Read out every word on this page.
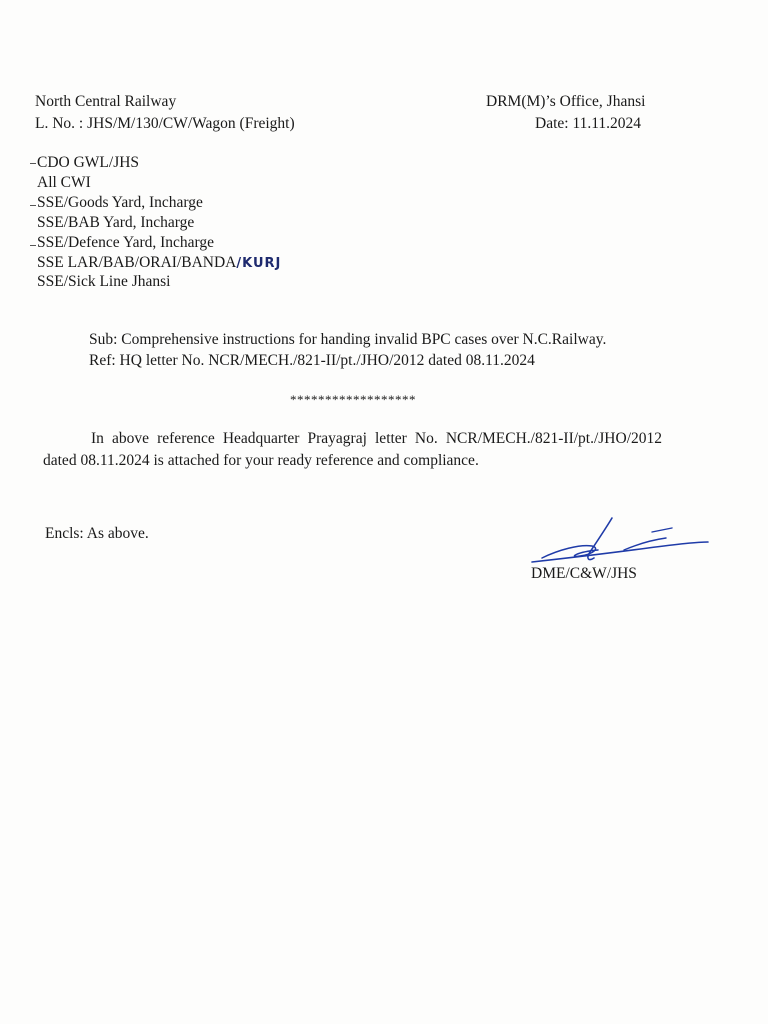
North Central Railway
L. No. : JHS/M/130/CW/Wagon (Freight)
DRM(M)’s Office, Jhansi
Date: 11.11.2024
CDO GWL/JHS
All CWI
SSE/Goods Yard, Incharge
SSE/BAB Yard, Incharge
SSE/Defence Yard, Incharge
SSE LAR/BAB/ORAI/BANDA/KURJ
SSE/Sick Line Jhansi
Sub: Comprehensive instructions for handing invalid BPC cases over N.C.Railway.
Ref: HQ letter No. NCR/MECH./821-II/pt./JHO/2012 dated 08.11.2024
******************
In above reference Headquarter Prayagraj letter No. NCR/MECH./821-II/pt./JHO/2012 dated 08.11.2024 is attached for your ready reference and compliance.
Encls: As above.
DME/C&W/JHS
